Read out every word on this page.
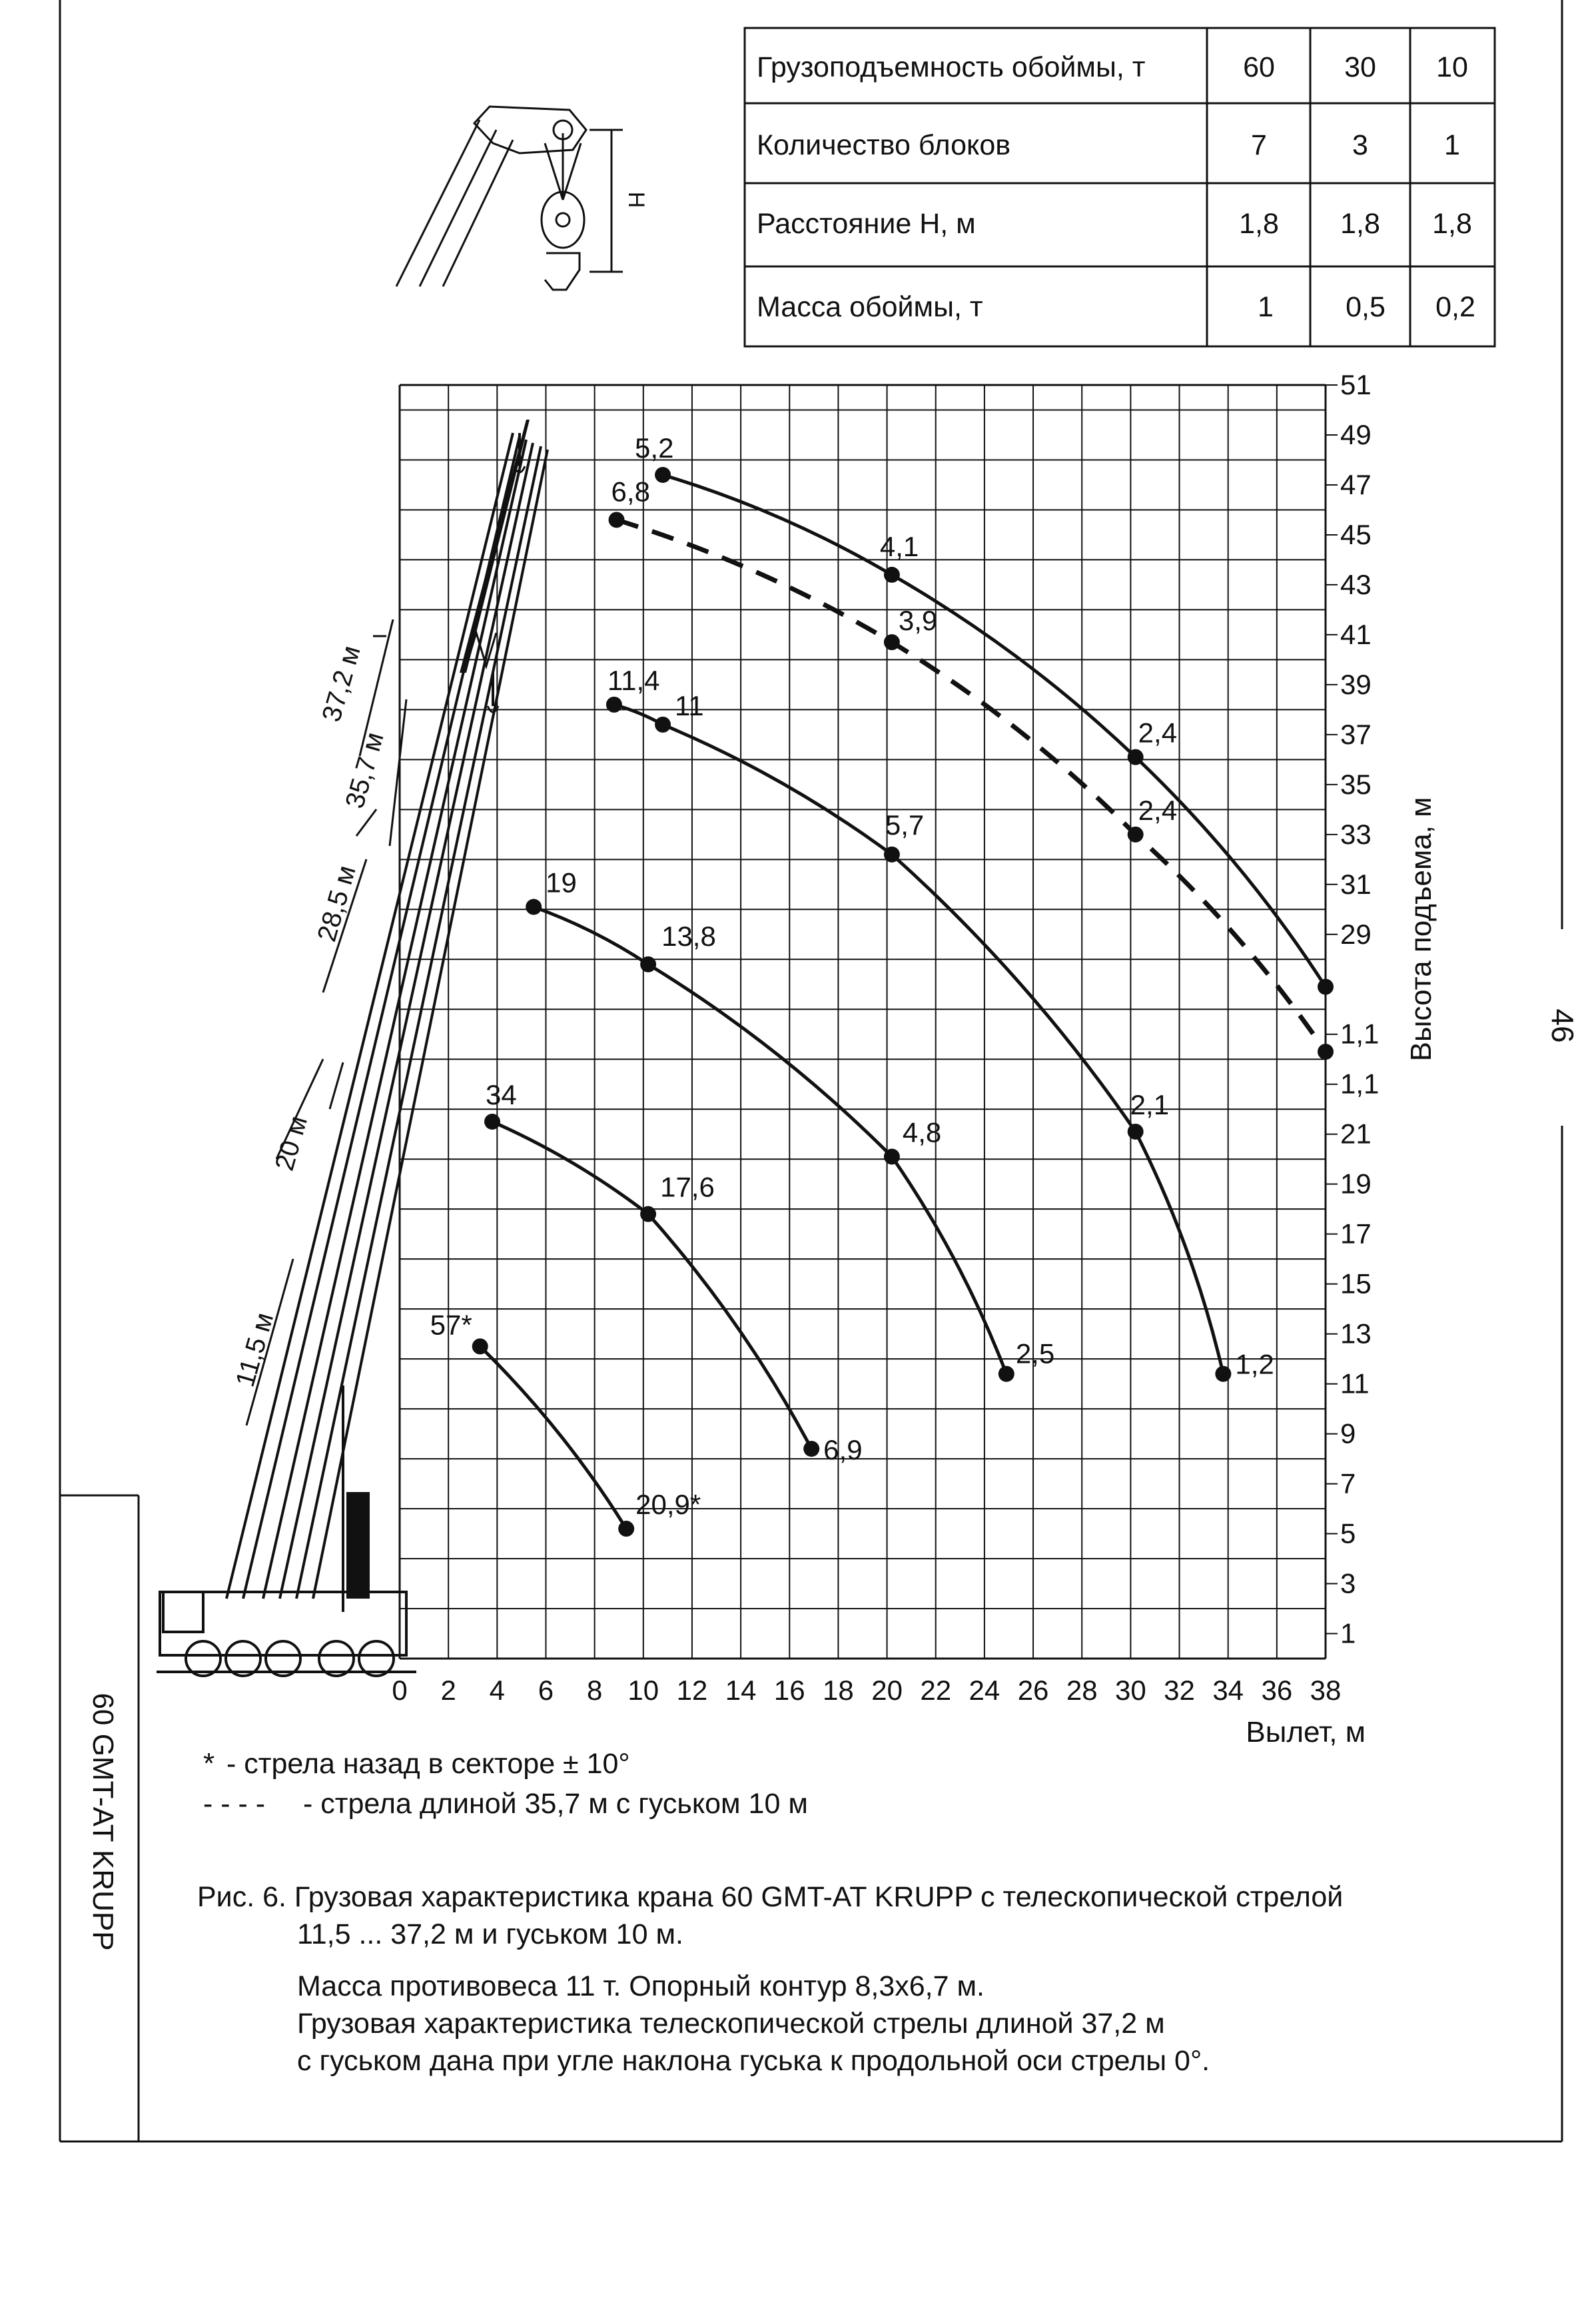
46
60 GMT-AT KRUPP
Грузоподъемность обоймы, т	60 30 10
Количество блоков	7	3	1
Расстояние Н, м	1,8 1,8 1,8
Масса обоймы, т	1	0,5 0,2
Н
1
3
5
7
9
11
13
15
17
19
21
1,1
1,1
29
31
33
35
37
39
41
43
45
47
49
51
0 2 4 6 8 10 12 14 16 18 20 22 24 26 28 30 32 34 36 38
Высота подъема, м
Вылет, м
11,5 м
20 м
28,5 м
35,7 м
37,2 м
57*
20,9*
34
17,6
6,9
19
13,8
4,8
2,5
11,4
11
5,7
2,1
1,2
5,2
4,1
2,4
6,8
3,9
2,4
* - стрела назад в секторе ± 10°
- - - - - стрела длиной 35,7 м с гуськом 10 м

Рис. 6. Грузовая характеристика крана 60 GMT-AT KRUPP с телескопической стрелой

11,5 ... 37,2 м и гуськом 10 м.

Масса противовеса 11 т. Опорный контур 8,3х6,7 м.

Грузовая характеристика телескопической стрелы длиной 37,2 м

с гуськом дана при угле наклона гуська к продольной оси стрелы 0°.
